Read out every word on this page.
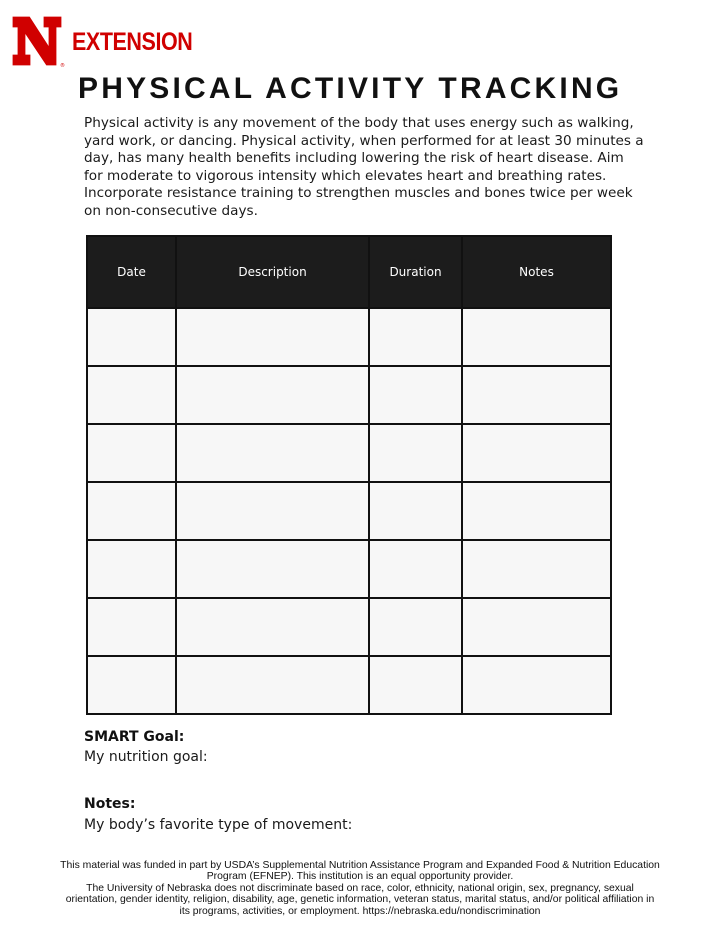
®
EXTENSION
PHYSICAL ACTIVITY TRACKING

Physical activity is any movement of the body that uses energy such as walking, yard work, or dancing. Physical activity, when performed for at least 30 minutes a day, has many health benefits including lowering the risk of heart disease. Aim for moderate to vigorous intensity which elevates heart and breathing rates. Incorporate resistance training to strengthen muscles and bones twice per week on non-consecutive days.

Date	Description	Duration	Notes

SMART Goal:
My nutrition goal:
Notes:
My body’s favorite type of movement:
This material was funded in part by USDA’s Supplemental Nutrition Assistance Program and Expanded Food & Nutrition Education Program (EFNEP). This institution is an equal opportunity provider.
The University of Nebraska does not discriminate based on race, color, ethnicity, national origin, sex, pregnancy, sexual orientation, gender identity, religion, disability, age, genetic information, veteran status, marital status, and/or political affiliation in its programs, activities, or employment. https://nebraska.edu/nondiscrimination
